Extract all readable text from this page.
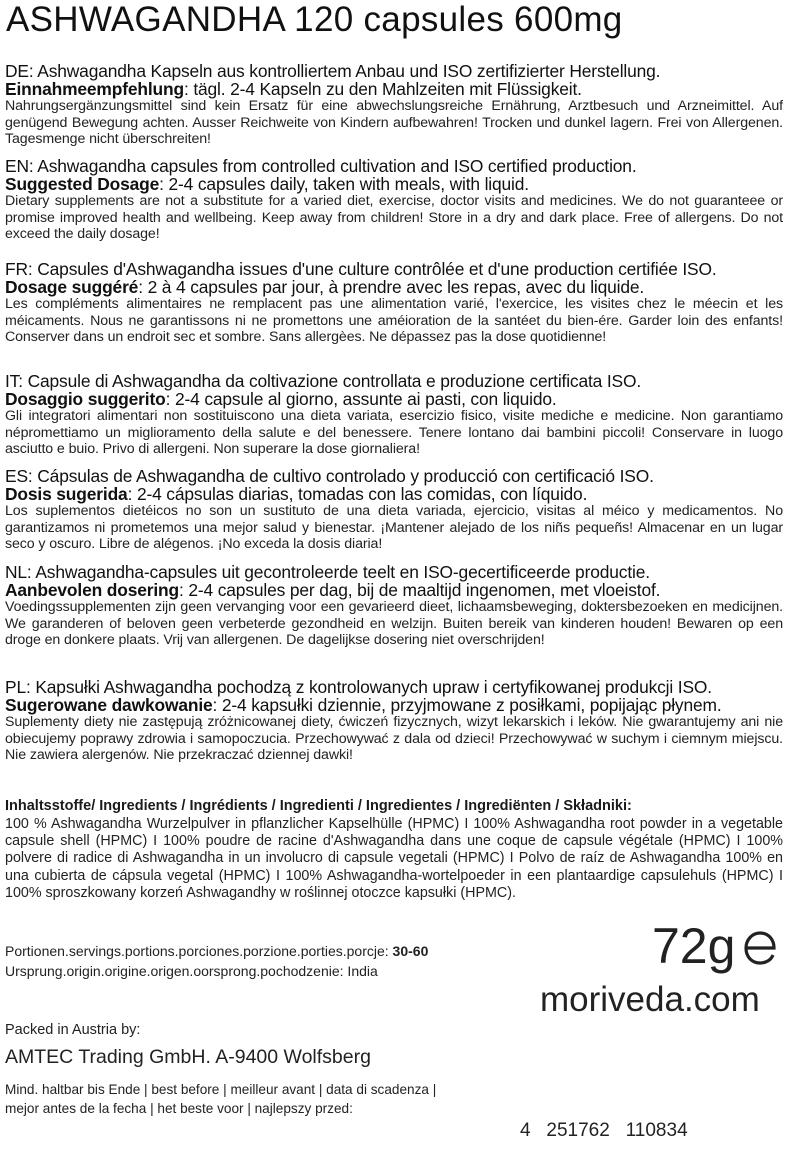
ASHWAGANDHA 120 capsules 600mg
DE: Ashwagandha Kapseln aus kontrolliertem Anbau und ISO zertifizierter Herstellung.
Einnahmeempfehlung: tägl. 2-4 Kapseln zu den Mahlzeiten mit Flüssigkeit.
Nahrungsergänzungsmittel sind kein Ersatz für eine abwechslungsreiche Ernährung, Arztbesuch und Arzneimittel. Auf genügend Bewegung achten. Ausser Reichweite von Kindern aufbewahren! Trocken und dunkel lagern. Frei von Allergenen. Tagesmenge nicht überschreiten!
EN: Ashwagandha capsules from controlled cultivation and ISO certified production.
Suggested Dosage: 2-4 capsules daily, taken with meals, with liquid.
Dietary supplements are not a substitute for a varied diet, exercise, doctor visits and medicines. We do not guaranteee or promise improved health and wellbeing. Keep away from children! Store in a dry and dark place. Free of allergens. Do not exceed the daily dosage!
FR: Capsules d'Ashwagandha issues d'une culture contrôlée et d'une production certifiée ISO.
Dosage suggéré: 2 à 4 capsules par jour, à prendre avec les repas, avec du liquide.
Les compléments alimentaires ne remplacent pas une alimentation varié, l'exercice, les visites chez le méecin et les méicaments. Nous ne garantissons ni ne promettons une améioration de la santéet du bien-ére. Garder loin des enfants! Conserver dans un endroit sec et sombre. Sans allergèes. Ne dépassez pas la dose quotidienne!
IT: Capsule di Ashwagandha da coltivazione controllata e produzione certificata ISO.
Dosaggio suggerito: 2-4 capsule al giorno, assunte ai pasti, con liquido.
Gli integratori alimentari non sostituiscono una dieta variata, esercizio fisico, visite mediche e medicine. Non garantiamo népromettiamo un miglioramento della salute e del benessere. Tenere lontano dai bambini piccoli! Conservare in luogo asciutto e buio. Privo di allergeni. Non superare la dose giornaliera!
ES: Cápsulas de Ashwagandha de cultivo controlado y producció con certificació ISO.
Dosis sugerida: 2-4 cápsulas diarias, tomadas con las comidas, con líquido.
Los suplementos dietéicos no son un sustituto de una dieta variada, ejercicio, visitas al méico y medicamentos. No garantizamos ni prometemos una mejor salud y bienestar. ¡Mantener alejado de los niñs pequeñs! Almacenar en un lugar seco y oscuro. Libre de alégenos. ¡No exceda la dosis diaria!
NL: Ashwagandha-capsules uit gecontroleerde teelt en ISO-gecertificeerde productie.
Aanbevolen dosering: 2-4 capsules per dag, bij de maaltijd ingenomen, met vloeistof.
Voedingssupplementen zijn geen vervanging voor een gevarieerd dieet, lichaamsbeweging, doktersbezoeken en medicijnen. We garanderen of beloven geen verbeterde gezondheid en welzijn. Buiten bereik van kinderen houden! Bewaren op een droge en donkere plaats. Vrij van allergenen. De dagelijkse dosering niet overschrijden!
PL: Kapsułki Ashwagandha pochodzą z kontrolowanych upraw i certyfikowanej produkcji ISO.
Sugerowane dawkowanie: 2-4 kapsułki dziennie, przyjmowane z posiłkami, popijając płynem.
Suplementy diety nie zastępują zróżnicowanej diety, ćwiczeń fizycznych, wizyt lekarskich i leków. Nie gwarantujemy ani nie obiecujemy poprawy zdrowia i samopoczucia. Przechowywać z dala od dzieci! Przechowywać w suchym i ciemnym miejscu. Nie zawiera alergenów. Nie przekraczać dziennej dawki!
Inhaltsstoffe/ Ingredients / Ingrédients / Ingredienti / Ingredientes / Ingrediënten / Składniki:
100 % Ashwagandha Wurzelpulver in pflanzlicher Kapselhülle (HPMC) I 100% Ashwagandha root powder in a vegetable capsule shell (HPMC) I 100% poudre de racine d'Ashwagandha dans une coque de capsule végétale (HPMC) I 100% polvere di radice di Ashwagandha in un involucro di capsule vegetali (HPMC) I Polvo de raíz de Ashwagandha 100% en una cubierta de cápsula vegetal (HPMC) I 100% Ashwagandha-wortelpoeder in een plantaardige capsulehuls (HPMC) I 100% sproszkowany korzeń Ashwagandhy w roślinnej otoczce kapsułki (HPMC).
Portionen.servings.portions.porciones.porzione.porties.porcje: 30-60
Ursprung.origin.origine.origen.oorsprong.pochodzenie: India	72g
moriveda.com
Packed in Austria by:
AMTEC Trading GmbH. A-9400 Wolfsberg
Mind. haltbar bis Ende | best before | meilleur avant | data di scadenza | mejor antes de la fecha | het beste voor | najlepszy przed:
4   251762   110834
